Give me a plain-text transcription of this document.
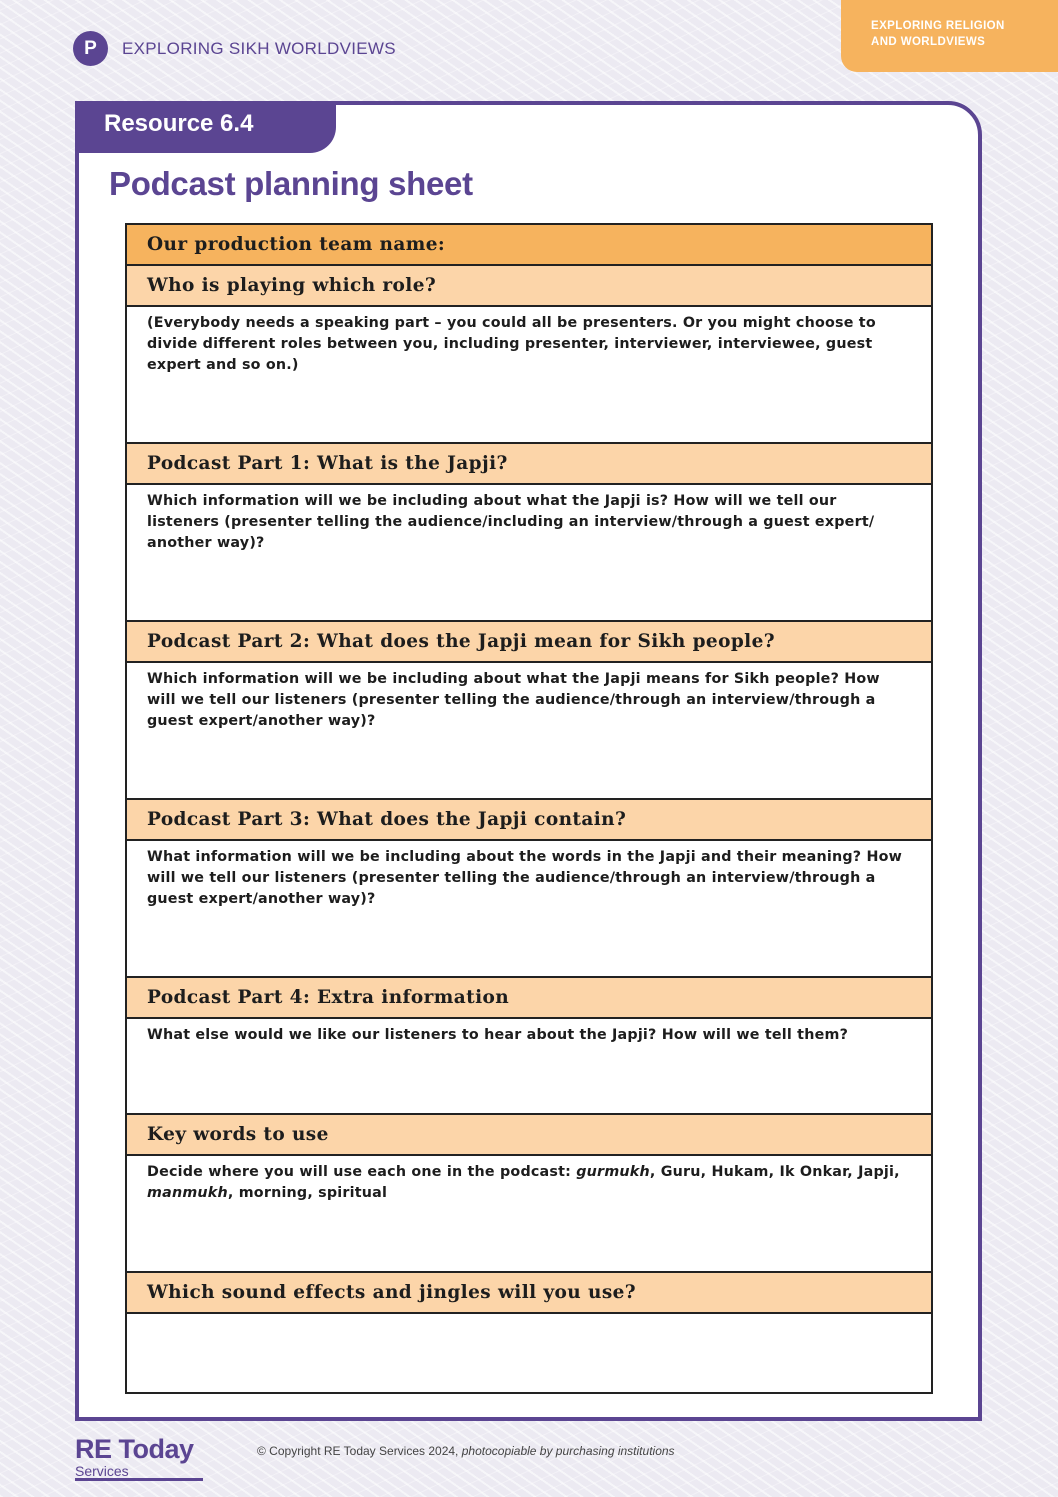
P	EXPLORING SIKH WORLDVIEWS
EXPLORING RELIGION
AND WORLDVIEWS
Resource 6.4
Podcast planning sheet
Our production team name:
Who is playing which role?
(Everybody needs a speaking part – you could all be presenters. Or you might choose to divide different roles between you, including presenter, interviewer, interviewee, guest expert and so on.)
Podcast Part 1: What is the Japji?
Which information will we be including about what the Japji is? How will we tell our listeners (presenter telling the audience/including an interview/through a guest expert/ another way)?
Podcast Part 2: What does the Japji mean for Sikh people?
Which information will we be including about what the Japji means for Sikh people? How will we tell our listeners (presenter telling the audience/through an interview/through a guest expert/another way)?
Podcast Part 3: What does the Japji contain?
What information will we be including about the words in the Japji and their meaning? How will we tell our listeners (presenter telling the audience/through an interview/through a guest expert/another way)?
Podcast Part 4: Extra information
What else would we like our listeners to hear about the Japji? How will we tell them?
Key words to use
Decide where you will use each one in the podcast: gurmukh, Guru, Hukam, Ik Onkar, Japji,
manmukh, morning, spiritual
Which sound effects and jingles will you use?
RE Today
Services
© Copyright RE Today Services 2024, photocopiable by purchasing institutions
